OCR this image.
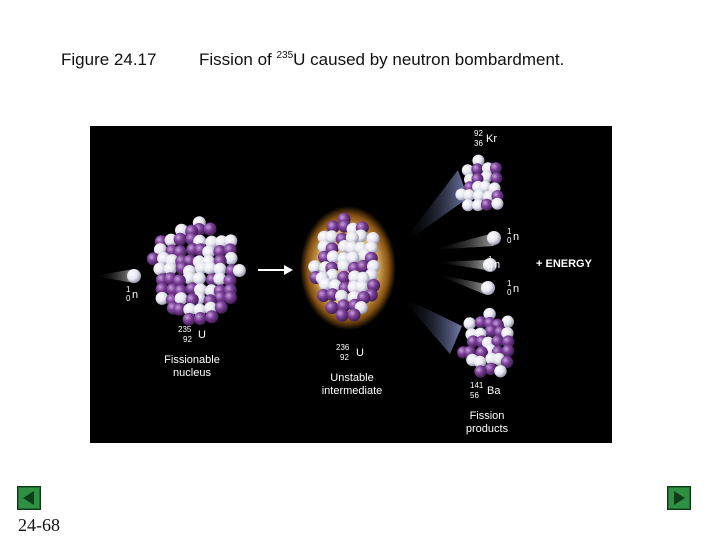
Figure 24.17	Fission of $^{235}$U caused by neutron bombardment.
1
0 n
235
92 U
Fissionable
nucleus
236
92 U
Unstable
intermediate
92
36 Kr
1
0 n
1
0 n
1
0 n
+ ENERGY
141
56 Ba
Fission
products
24-68
